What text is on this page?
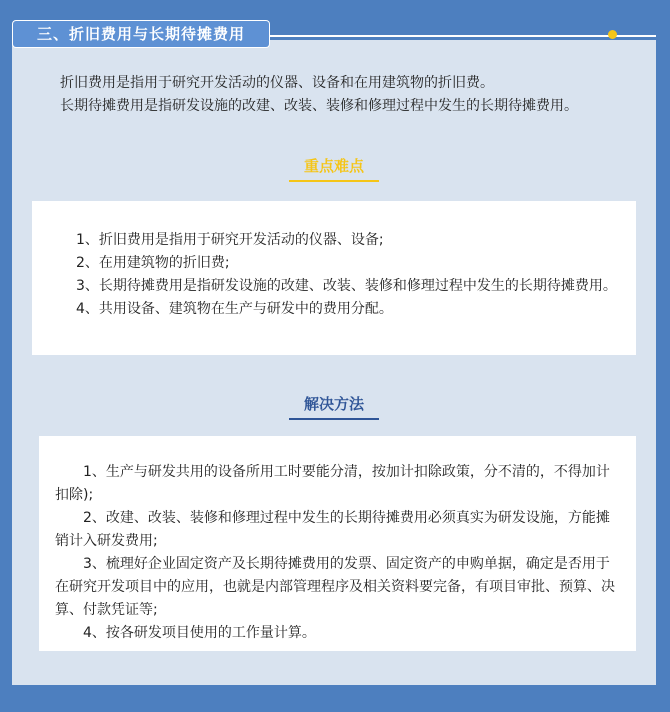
三、折旧费用与长期待摊费用

折旧费用是指用于研究开发活动的仪器、设备和在用建筑物的折旧费。

长期待摊费用是指研发设施的改建、改装、装修和修理过程中发生的长期待摊费用。

重点难点

1、折旧费用是指用于研究开发活动的仪器、设备;

2、在用建筑物的折旧费;

3、长期待摊费用是指研发设施的改建、改装、装修和修理过程中发生的长期待摊费用。

4、共用设备、建筑物在生产与研发中的费用分配。

解决方法

1、生产与研发共用的设备所用工时要能分清，按加计扣除政策，分不清的，不得加计扣除);

2、改建、改装、装修和修理过程中发生的长期待摊费用必须真实为研发设施，方能摊销计入研发费用;

3、梳理好企业固定资产及长期待摊费用的发票、固定资产的申购单据，确定是否用于在研究开发项目中的应用，也就是内部管理程序及相关资料要完备，有项目审批、预算、决算、付款凭证等;

4、按各研发项目使用的工作量计算。
